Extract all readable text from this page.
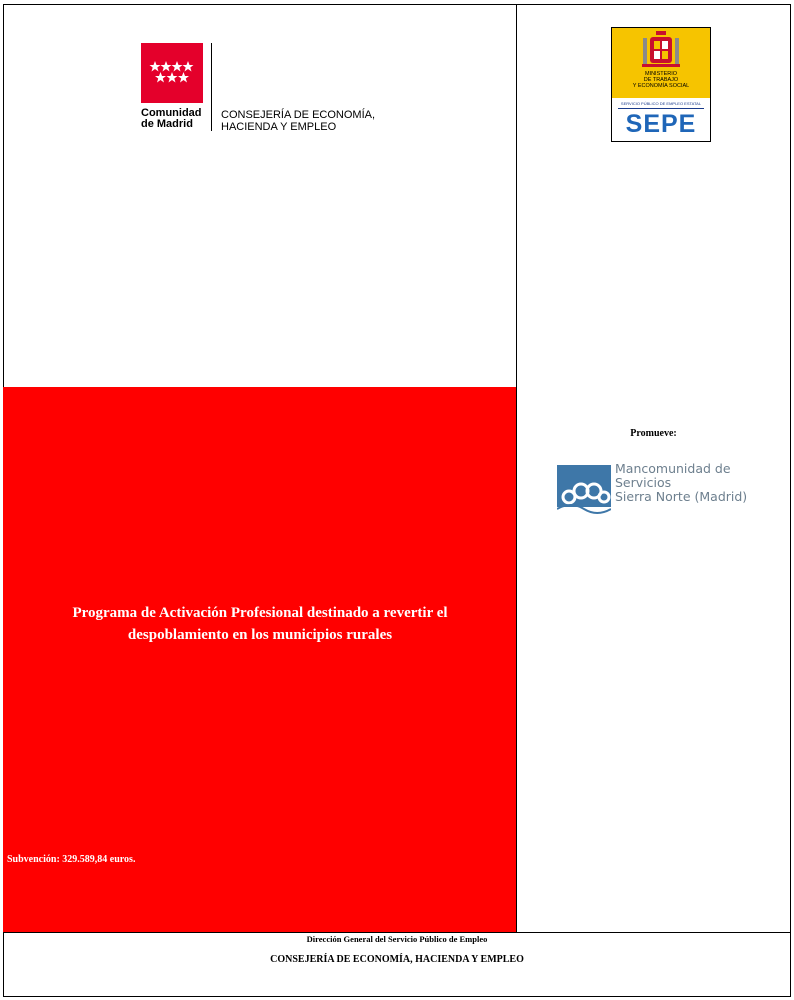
Comunidad
de Madrid
CONSEJERÍA DE ECONOMÍA,
HACIENDA Y EMPLEO
Programa de Activación Profesional destinado a revertir el
despoblamiento en los municipios rurales
Subvención: 329.589,84 euros.
MINISTERIO
DE TRABAJO
Y ECONOMÍA SOCIAL
SERVICIO PÚBLICO DE EMPLEO ESTATAL
SEPE
Promueve:
Mancomunidad de
Servicios
Sierra Norte (Madrid)
Dirección General del Servicio Público de Empleo
CONSEJERÍA DE ECONOMÍA, HACIENDA Y EMPLEO
